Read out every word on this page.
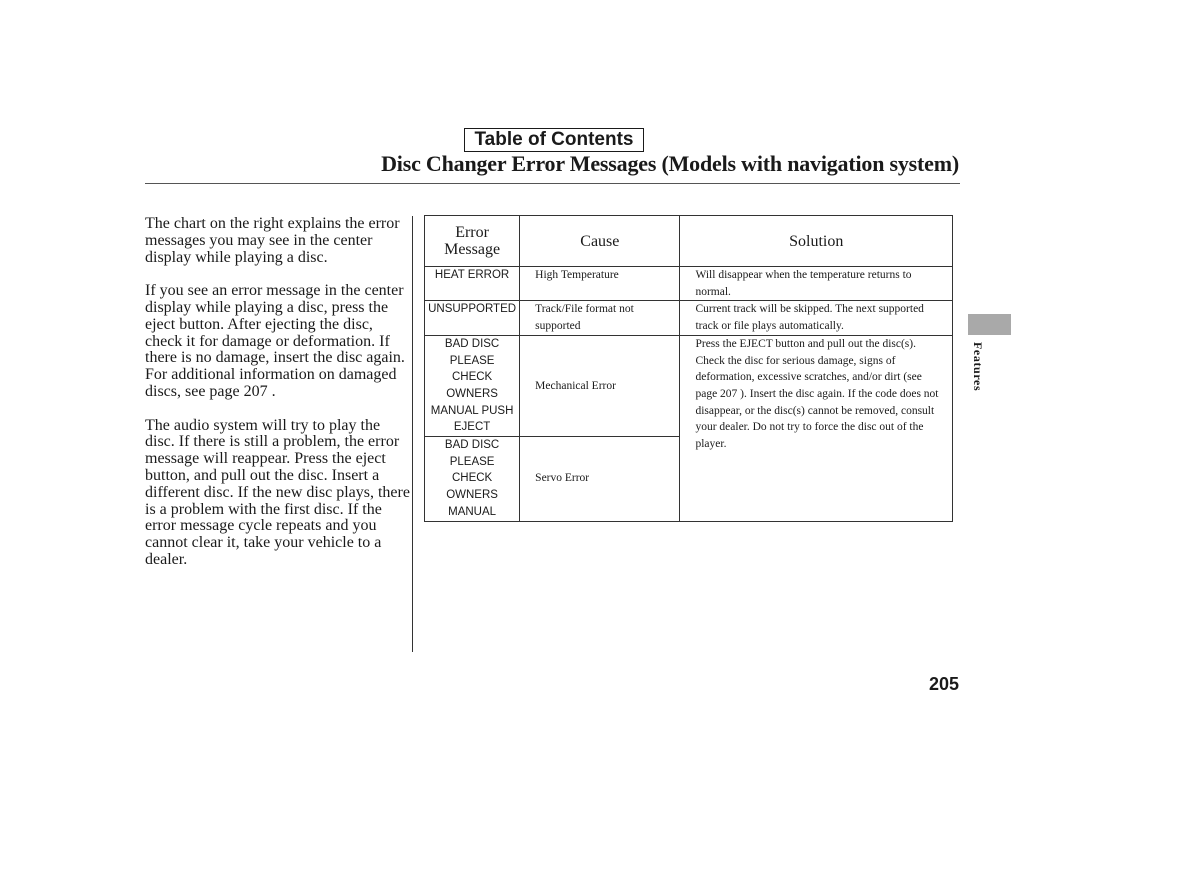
Table of Contents
Disc Changer Error Messages (Models with navigation system)

The chart on the right explains the error messages you may see in the center display while playing a disc.

If you see an error message in the center display while playing a disc, press the eject button. After ejecting the disc, check it for damage or deformation. If there is no damage, insert the disc again.

For additional information on damaged discs, see page 207 .

The audio system will try to play the disc. If there is still a problem, the error message will reappear. Press the eject button, and pull out the disc. Insert a different disc. If the new disc plays, there is a problem with the first disc. If the error message cycle repeats and you cannot clear it, take your vehicle to a dealer.

Error Message	Cause	Solution
HEAT ERROR	High Temperature	Will disappear when the temperature returns to normal.
UNSUPPORTED	Track/File format not supported	Current track will be skipped. The next supported track or file plays automatically.
BAD DISC PLEASE CHECK OWNERS MANUAL PUSH EJECT	Mechanical Error	Press the EJECT button and pull out the disc(s). Check the disc for serious damage, signs of deformation, excessive scratches, and/or dirt (see page 207 ). Insert the disc again. If the code does not disappear, or the disc(s) cannot be removed, consult your dealer. Do not try to force the disc out of the player.
BAD DISC PLEASE CHECK OWNERS MANUAL	Servo Error	
Features
205
